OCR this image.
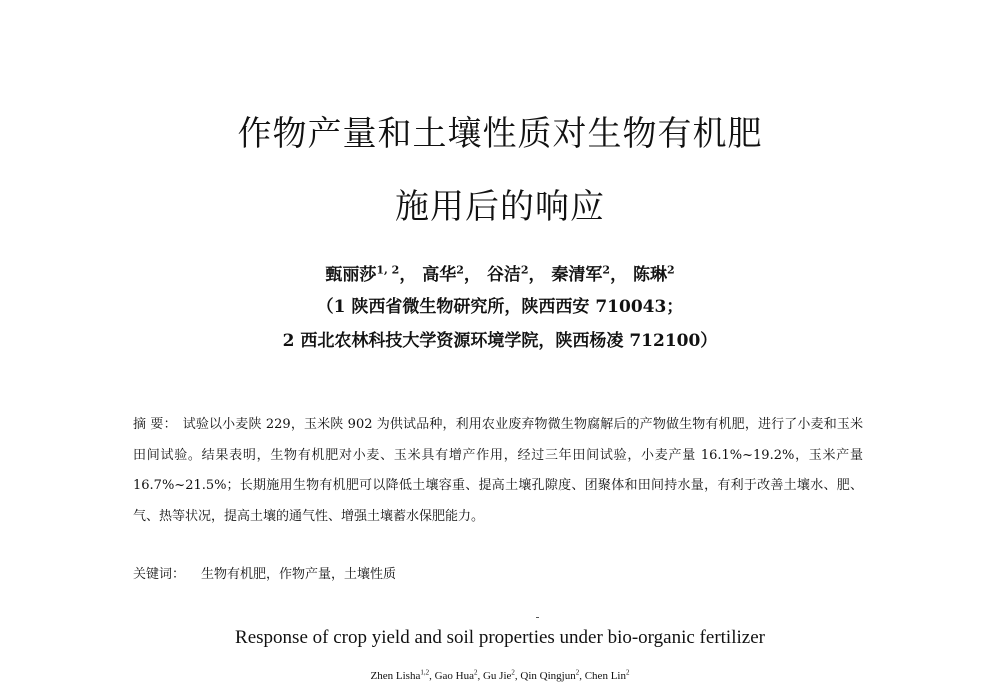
作物产量和土壤性质对生物有机肥
施用后的响应
甄丽莎$^{1, 2}$， 高华$^2$， 谷洁$^2$， 秦清军$^2$， 陈琳$^2$
（1 陕西省微生物研究所，陕西西安 710043；
2 西北农林科技大学资源环境学院，陕西杨凌 712100）
摘 要： 试验以小麦陕 229，玉米陕 902 为供试品种，利用农业废弃物微生物腐解后的产物做生物有机肥，进行了小麦和玉米田间试验。结果表明，生物有机肥对小麦、玉米具有增产作用，经过三年田间试验，小麦产量 16.1%~19.2%，玉米产量 16.7%~21.5%；长期施用生物有机肥可以降低土壤容重、提高土壤孔隙度、团聚体和田间持水量，有利于改善土壤水、肥、气、热等状况，提高土壤的通气性、增强土壤蓄水保肥能力。
关键词： 生物有机肥，作物产量，土壤性质
Response of crop yield and soil properties under bio-organic fertilizer
Zhen Lisha$^{1,2}$, Gao Hua$^2$, Gu Jie$^2$, Qin Qingjun$^2$, Chen Lin$^2$
